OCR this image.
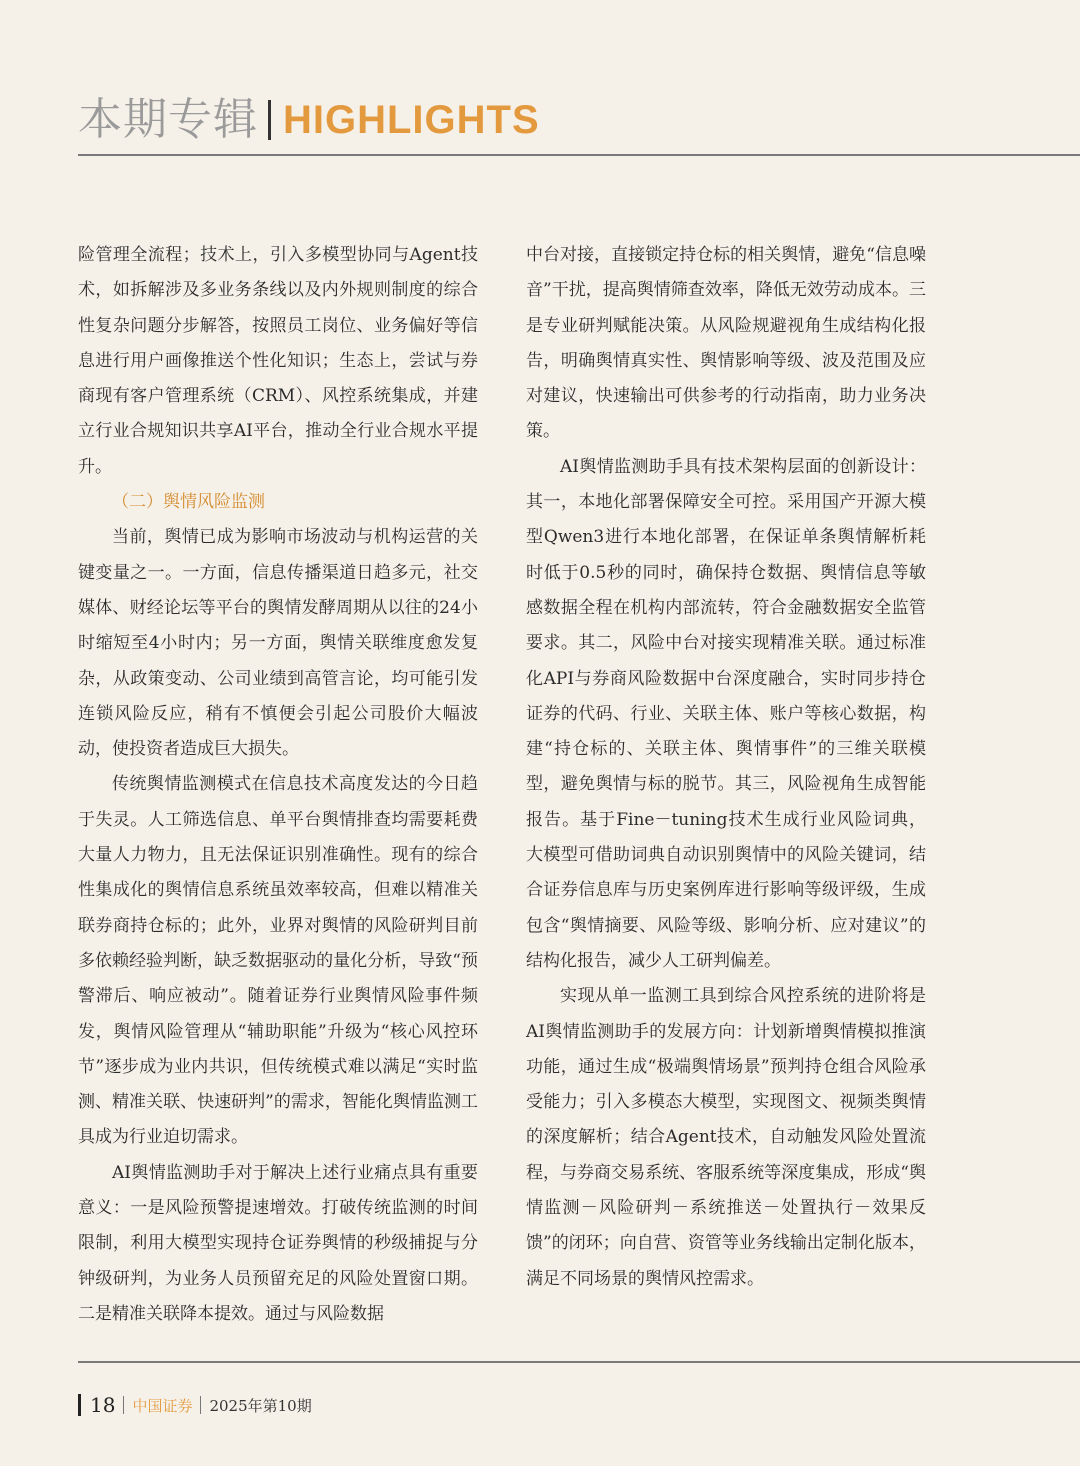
本期专辑 HIGHLIGHTS

险管理全流程；技术上，引入多模型协同与Agent技术，如拆解涉及多业务条线以及内外规则制度的综合性复杂问题分步解答，按照员工岗位、业务偏好等信息进行用户画像推送个性化知识；生态上，尝试与券商现有客户管理系统（CRM）、风控系统集成，并建立行业合规知识共享AI平台，推动全行业合规水平提升。

（二）舆情风险监测

当前，舆情已成为影响市场波动与机构运营的关键变量之一。一方面，信息传播渠道日趋多元，社交媒体、财经论坛等平台的舆情发酵周期从以往的24小时缩短至4小时内；另一方面，舆情关联维度愈发复杂，从政策变动、公司业绩到高管言论，均可能引发连锁风险反应，稍有不慎便会引起公司股价大幅波动，使投资者造成巨大损失。

传统舆情监测模式在信息技术高度发达的今日趋于失灵。人工筛选信息、单平台舆情排查均需要耗费大量人力物力，且无法保证识别准确性。现有的综合性集成化的舆情信息系统虽效率较高，但难以精准关联券商持仓标的；此外，业界对舆情的风险研判目前多依赖经验判断，缺乏数据驱动的量化分析，导致“预警滞后、响应被动”。随着证券行业舆情风险事件频发，舆情风险管理从“辅助职能”升级为“核心风控环节”逐步成为业内共识，但传统模式难以满足“实时监测、精准关联、快速研判”的需求，智能化舆情监测工具成为行业迫切需求。

AI舆情监测助手对于解决上述行业痛点具有重要意义：一是风险预警提速增效。打破传统监测的时间限制，利用大模型实现持仓证券舆情的秒级捕捉与分钟级研判，为业务人员预留充足的风险处置窗口期。二是精准关联降本提效。通过与风险数据

中台对接，直接锁定持仓标的相关舆情，避免“信息噪音”干扰，提高舆情筛查效率，降低无效劳动成本。三是专业研判赋能决策。从风险规避视角生成结构化报告，明确舆情真实性、舆情影响等级、波及范围及应对建议，快速输出可供参考的行动指南，助力业务决策。

AI舆情监测助手具有技术架构层面的创新设计：其一，本地化部署保障安全可控。采用国产开源大模型Qwen3进行本地化部署，在保证单条舆情解析耗时低于0.5秒的同时，确保持仓数据、舆情信息等敏感数据全程在机构内部流转，符合金融数据安全监管要求。其二，风险中台对接实现精准关联。通过标准化API与券商风险数据中台深度融合，实时同步持仓证券的代码、行业、关联主体、账户等核心数据，构建“持仓标的、关联主体、舆情事件”的三维关联模型，避免舆情与标的脱节。其三，风险视角生成智能报告。基于Fine－tuning技术生成行业风险词典，大模型可借助词典自动识别舆情中的风险关键词，结合证券信息库与历史案例库进行影响等级评级，生成包含“舆情摘要、风险等级、影响分析、应对建议”的结构化报告，减少人工研判偏差。

实现从单一监测工具到综合风控系统的进阶将是AI舆情监测助手的发展方向：计划新增舆情模拟推演功能，通过生成“极端舆情场景”预判持仓组合风险承受能力；引入多模态大模型，实现图文、视频类舆情的深度解析；结合Agent技术，自动触发风险处置流程，与券商交易系统、客服系统等深度集成，形成“舆情监测－风险研判－系统推送－处置执行－效果反馈”的闭环；向自营、资管等业务线输出定制化版本，满足不同场景的舆情风控需求。

18 中国证券 2025年第10期
